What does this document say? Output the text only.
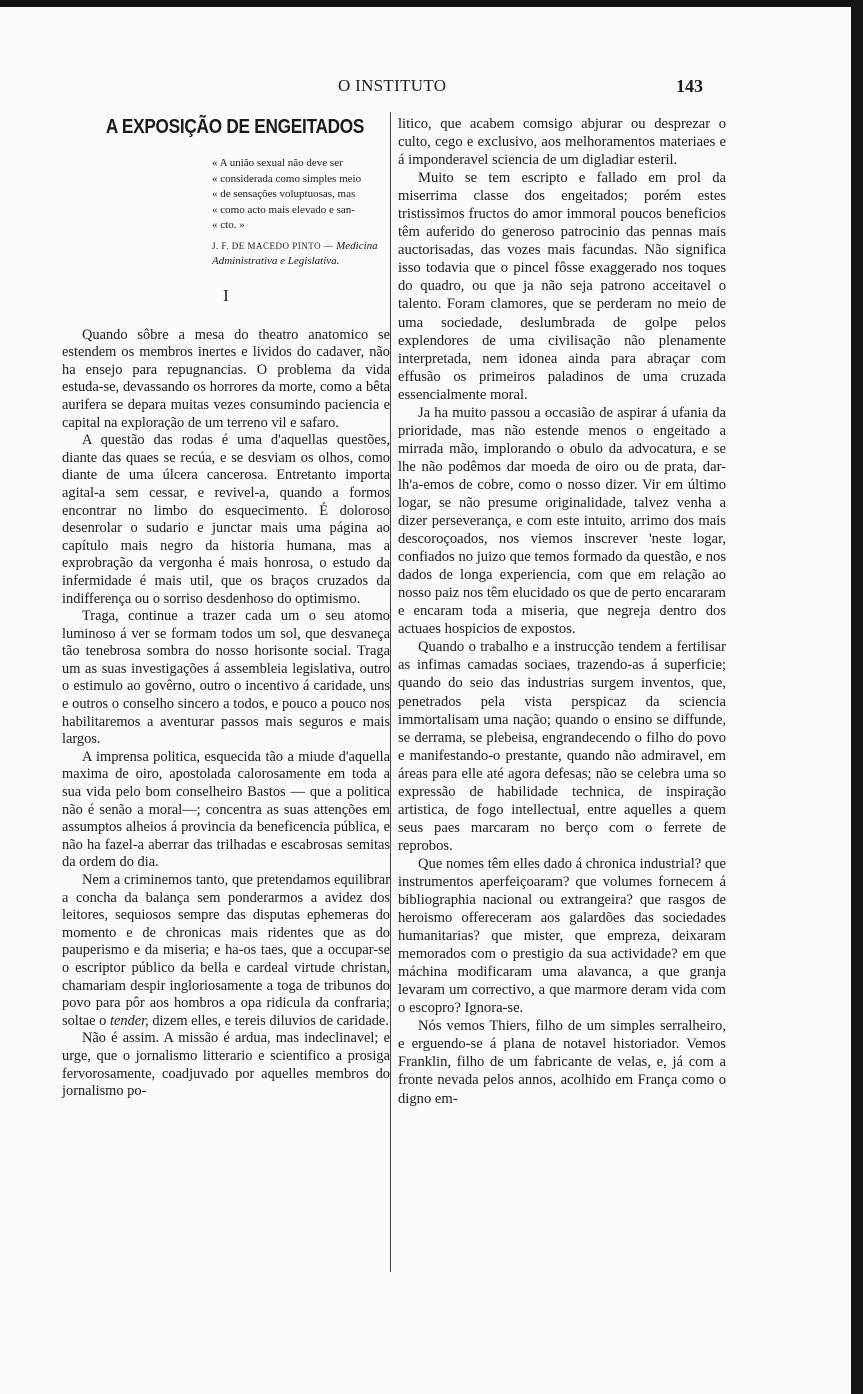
O INSTITUTO	143
A EXPOSIÇÃO DE ENGEITADOS
« A união sexual não deve ser
« considerada como simples meio
« de sensações voluptuosas, mas
« como acto mais elevado e san-
« cto. »
J. F. DE MACEDO PINTO — Medicina Administrativa e Legislativa.
I

Quando sôbre a mesa do theatro anatomico se estendem os membros inertes e lividos do cadaver, não ha ensejo para repugnancias. O problema da vida estuda-se, devassando os horrores da morte, como a bêta aurifera se depara muitas vezes consumindo paciencia e capital na exploração de um terreno vil e safaro.

A questão das rodas é uma d'aquellas questões, diante das quaes se recúa, e se desviam os olhos, como diante de uma úlcera cancerosa. Entretanto importa agital-a sem cessar, e revivel-a, quando a formos encontrar no limbo do esquecimento. É doloroso desenrolar o sudario e junctar mais uma página ao capítulo mais negro da historia humana, mas a exprobração da vergonha é mais honrosa, o estudo da infermidade é mais util, que os braços cruzados da indifferença ou o sorriso desdenhoso do optimismo.

Traga, continue a trazer cada um o seu atomo luminoso á ver se formam todos um sol, que desvaneça tão tenebrosa sombra do nosso horisonte social. Traga um as suas investigações á assembleia legislativa, outro o estimulo ao govêrno, outro o incentivo á caridade, uns e outros o conselho sincero a todos, e pouco a pouco nos habilitaremos a aventurar passos mais seguros e mais largos.

A imprensa politica, esquecida tão a miude d'aquella maxima de oiro, apostolada calorosamente em toda a sua vida pelo bom conselheiro Bastos — que a politica não é senão a moral—; concentra as suas attenções em assumptos alheios á provincia da beneficencia pública, e não ha fazel-a aberrar das trilhadas e escabrosas semitas da ordem do dia.

Nem a criminemos tanto, que pretendamos equilibrar a concha da balança sem ponderarmos a avidez dos leitores, sequiosos sempre das disputas ephemeras do momento e de chronicas mais ridentes que as do pauperismo e da miseria; e ha-os taes, que a occupar-se o escriptor público da bella e cardeal virtude christan, chamariam despir ingloriosamente a toga de tribunos do povo para pôr aos hombros a opa ridicula da confraria; soltae o tender, dizem elles, e tereis diluvios de caridade.

Não é assim. A missão é ardua, mas indeclinavel; e urge, que o jornalismo litterario e scientifico a prosiga fervorosamente, coadjuvado por aquelles membros do jornalismo po-

litico, que acabem comsigo abjurar ou desprezar o culto, cego e exclusivo, aos melhoramentos materiaes e á imponderavel sciencia de um digladiar esteril.

Muito se tem escripto e fallado em prol da miserrima classe dos engeitados; porém estes tristissimos fructos do amor immoral poucos beneficios têm auferido do generoso patrocinio das pennas mais auctorisadas, das vozes mais facundas. Não significa isso todavia que o pincel fôsse exaggerado nos toques do quadro, ou que ja não seja patrono acceitavel o talento. Foram clamores, que se perderam no meio de uma sociedade, deslumbrada de golpe pelos explendores de uma civilisação não plenamente interpretada, nem idonea ainda para abraçar com effusão os primeiros paladinos de uma cruzada essencialmente moral.

Ja ha muito passou a occasião de aspirar á ufania da prioridade, mas não estende menos o engeitado a mirrada mão, implorando o obulo da advocatura, e se lhe não podêmos dar moeda de oiro ou de prata, dar-lh'a-emos de cobre, como o nosso dizer. Vir em último logar, se não presume originalidade, talvez venha a dizer perseverança, e com este intuito, arrimo dos mais descoroçoados, nos viemos inscrever 'neste logar, confiados no juizo que temos formado da questão, e nos dados de longa experiencia, com que em relação ao nosso paiz nos têm elucidado os que de perto encararam e encaram toda a miseria, que negreja dentro dos actuaes hospicios de expostos.

Quando o trabalho e a instrucção tendem a fertilisar as infimas camadas sociaes, trazendo-as á superficie; quando do seio das industrias surgem inventos, que, penetrados pela vista perspicaz da sciencia immortalisam uma nação; quando o ensino se diffunde, se derrama, se plebeisa, engrandecendo o filho do povo e manifestando-o prestante, quando não admiravel, em áreas para elle até agora defesas; não se celebra uma so expressão de habilidade technica, de inspiração artistica, de fogo intellectual, entre aquelles a quem seus paes marcaram no berço com o ferrete de reprobos.

Que nomes têm elles dado á chronica industrial? que instrumentos aperfeiçoaram? que volumes fornecem á bibliographia nacional ou extrangeira? que rasgos de heroismo offereceram aos galardões das sociedades humanitarias? que mister, que empreza, deixaram memorados com o prestigio da sua actividade? em que máchina modificaram uma alavanca, a que granja levaram um correctivo, a que marmore deram vida com o escopro? Ignora-se.

Nós vemos Thiers, filho de um simples serralheiro, e erguendo-se á plana de notavel historiador. Vemos Franklin, filho de um fabricante de velas, e, já com a fronte nevada pelos annos, acolhido em França como o digno em-
